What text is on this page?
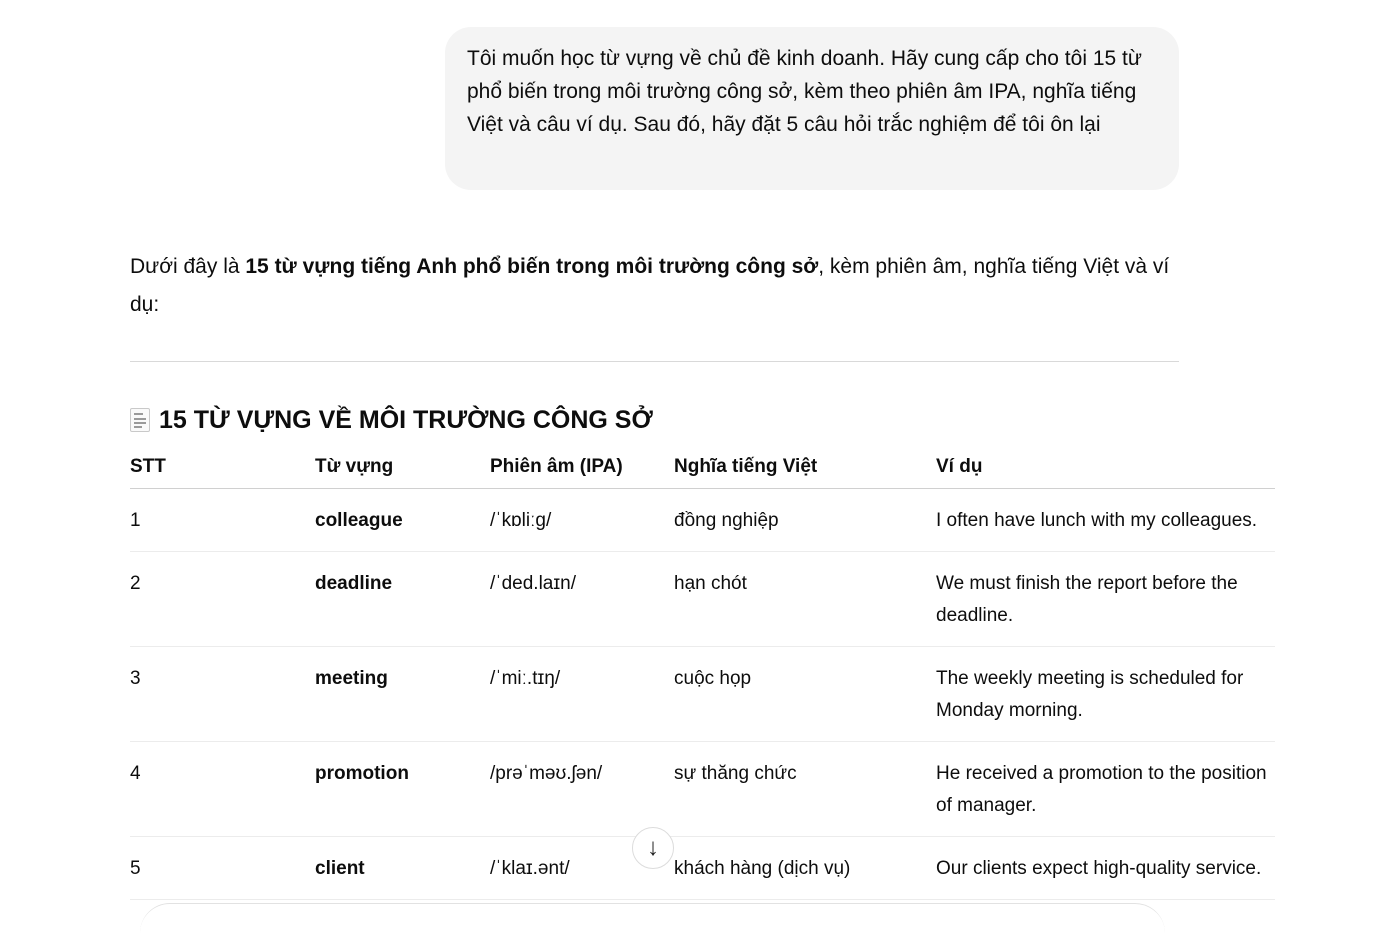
Tôi muốn học từ vựng về chủ đề kinh doanh. Hãy cung cấp cho tôi 15 từ phổ biến trong môi trường công sở, kèm theo phiên âm IPA, nghĩa tiếng Việt và câu ví dụ. Sau đó, hãy đặt 5 câu hỏi trắc nghiệm để tôi ôn lại
Dưới đây là 15 từ vựng tiếng Anh phổ biến trong môi trường công sở, kèm phiên âm, nghĩa tiếng Việt và ví dụ:
15 TỪ VỰNG VỀ MÔI TRƯỜNG CÔNG SỞ
STT	Từ vựng	Phiên âm (IPA)	Nghĩa tiếng Việt	Ví dụ
1	colleague	/ˈkɒliːɡ/	đồng nghiệp	I often have lunch with my colleagues.
2	deadline	/ˈded.laɪn/	hạn chót	We must finish the report before the deadline.
3	meeting	/ˈmiː.tɪŋ/	cuộc họp	The weekly meeting is scheduled for Monday morning.
4	promotion	/prəˈməʊ.ʃən/	sự thăng chức	He received a promotion to the position of manager.
5	client	/ˈklaɪ.ənt/	khách hàng (dịch vụ)	Our clients expect high-quality service.
↓
